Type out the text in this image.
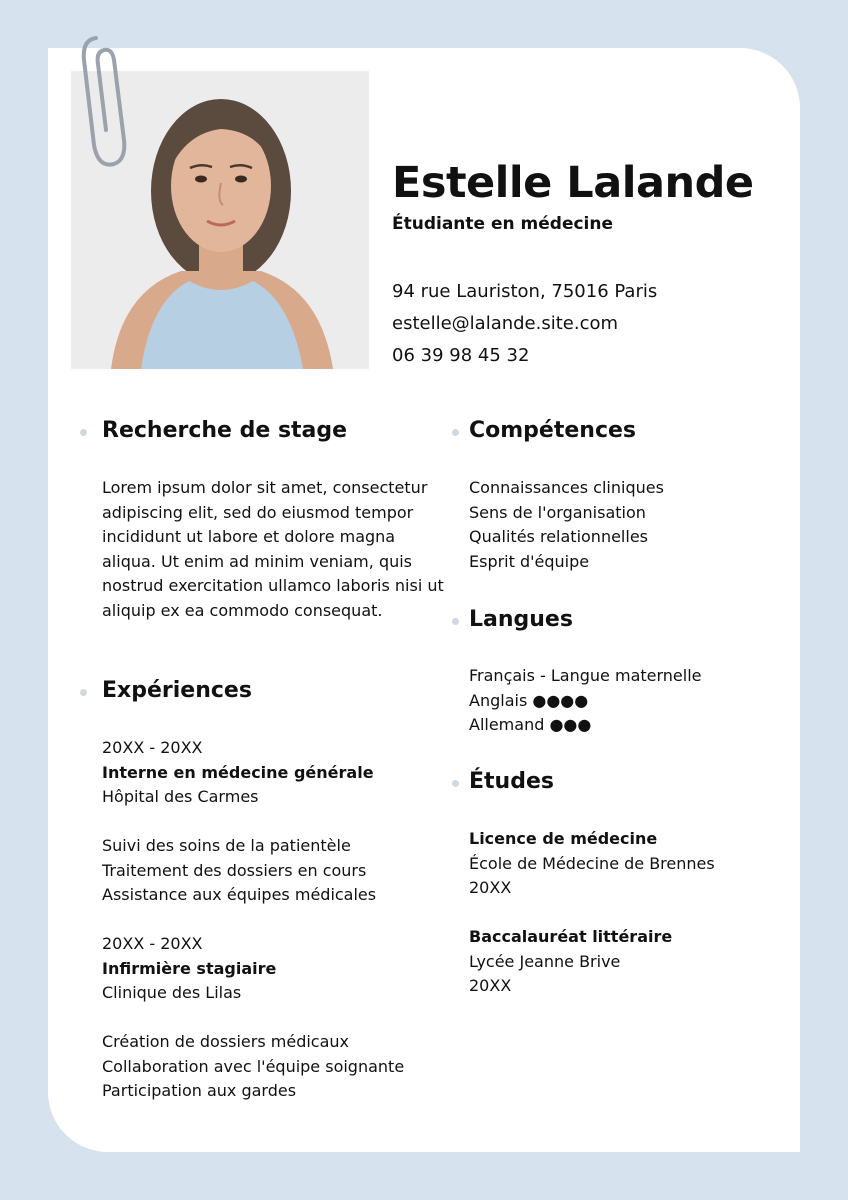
Estelle Lalande
Étudiante en médecine
94 rue Lauriston, 75016 Paris
estelle@lalande.site.com
06 39 98 45 32
Recherche de stage
Lorem ipsum dolor sit amet, consectetur adipiscing elit, sed do eiusmod tempor incididunt ut labore et dolore magna aliqua. Ut enim ad minim veniam, quis nostrud exercitation ullamco laboris nisi ut aliquip ex ea commodo consequat.
Expériences
20XX - 20XX
Interne en médecine générale
Hôpital des Carmes
Suivi des soins de la patientèle
Traitement des dossiers en cours
Assistance aux équipes médicales
20XX - 20XX
Infirmière stagiaire
Clinique des Lilas
Création de dossiers médicaux
Collaboration avec l'équipe soignante
Participation aux gardes
Compétences
Connaissances cliniques
Sens de l'organisation
Qualités relationnelles
Esprit d'équipe
Langues
Français - Langue maternelle
Anglais ●●●●
Allemand ●●●
Études
Licence de médecine
École de Médecine de Brennes
20XX
Baccalauréat littéraire
Lycée Jeanne Brive
20XX
